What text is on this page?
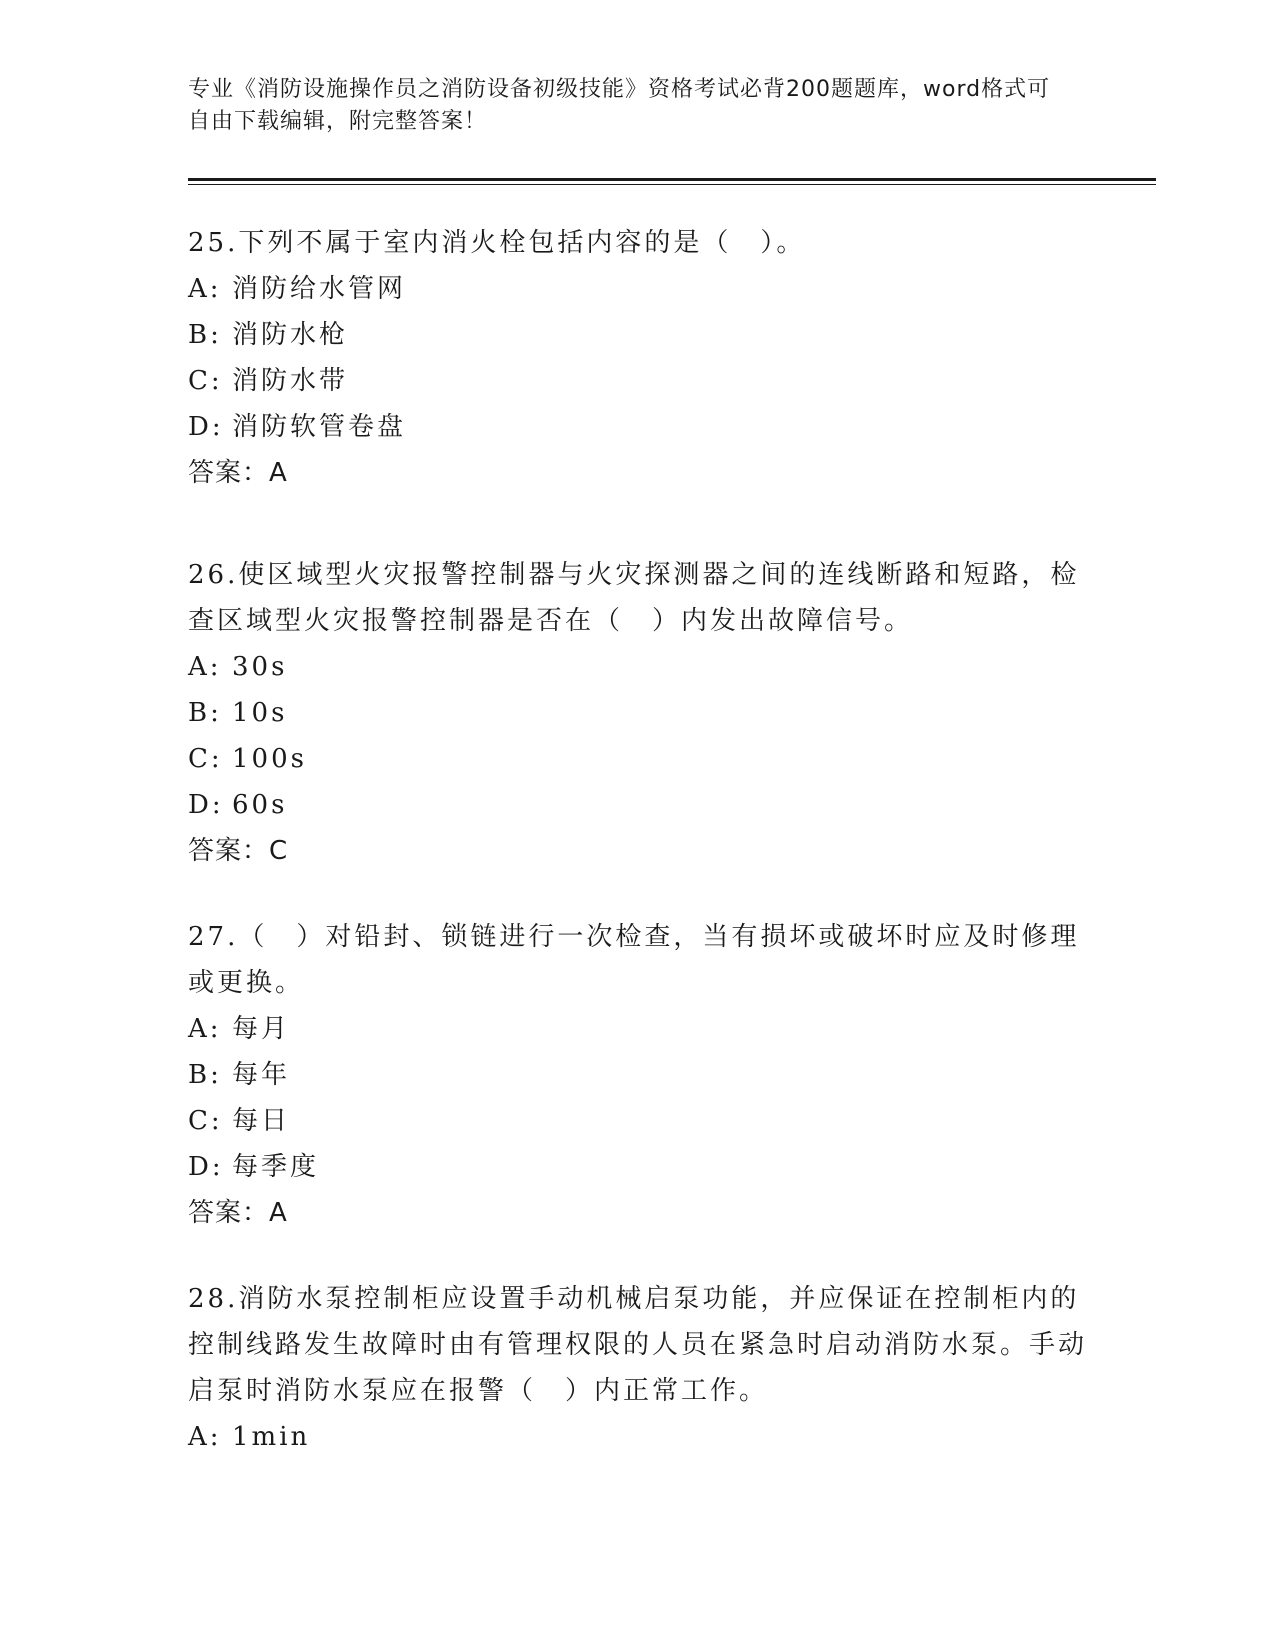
专业《消防设施操作员之消防设备初级技能》资格考试必背200题题库，word格式可自由下载编辑，附完整答案！

25.下列不属于室内消火栓包括内容的是（　）。

A: 消防给水管网
B: 消防水枪
C: 消防水带
D: 消防软管卷盘
答案：A

26.使区域型火灾报警控制器与火灾探测器之间的连线断路和短路，检查区域型火灾报警控制器是否在（　）内发出故障信号。

A: 30s
B: 10s
C: 100s
D: 60s
答案：C

27.（　）对铅封、锁链进行一次检查，当有损坏或破坏时应及时修理或更换。

A: 每月
B: 每年
C: 每日
D: 每季度
答案：A

28.消防水泵控制柜应设置手动机械启泵功能，并应保证在控制柜内的控制线路发生故障时由有管理权限的人员在紧急时启动消防水泵。手动启泵时消防水泵应在报警（　）内正常工作。

A: 1min
